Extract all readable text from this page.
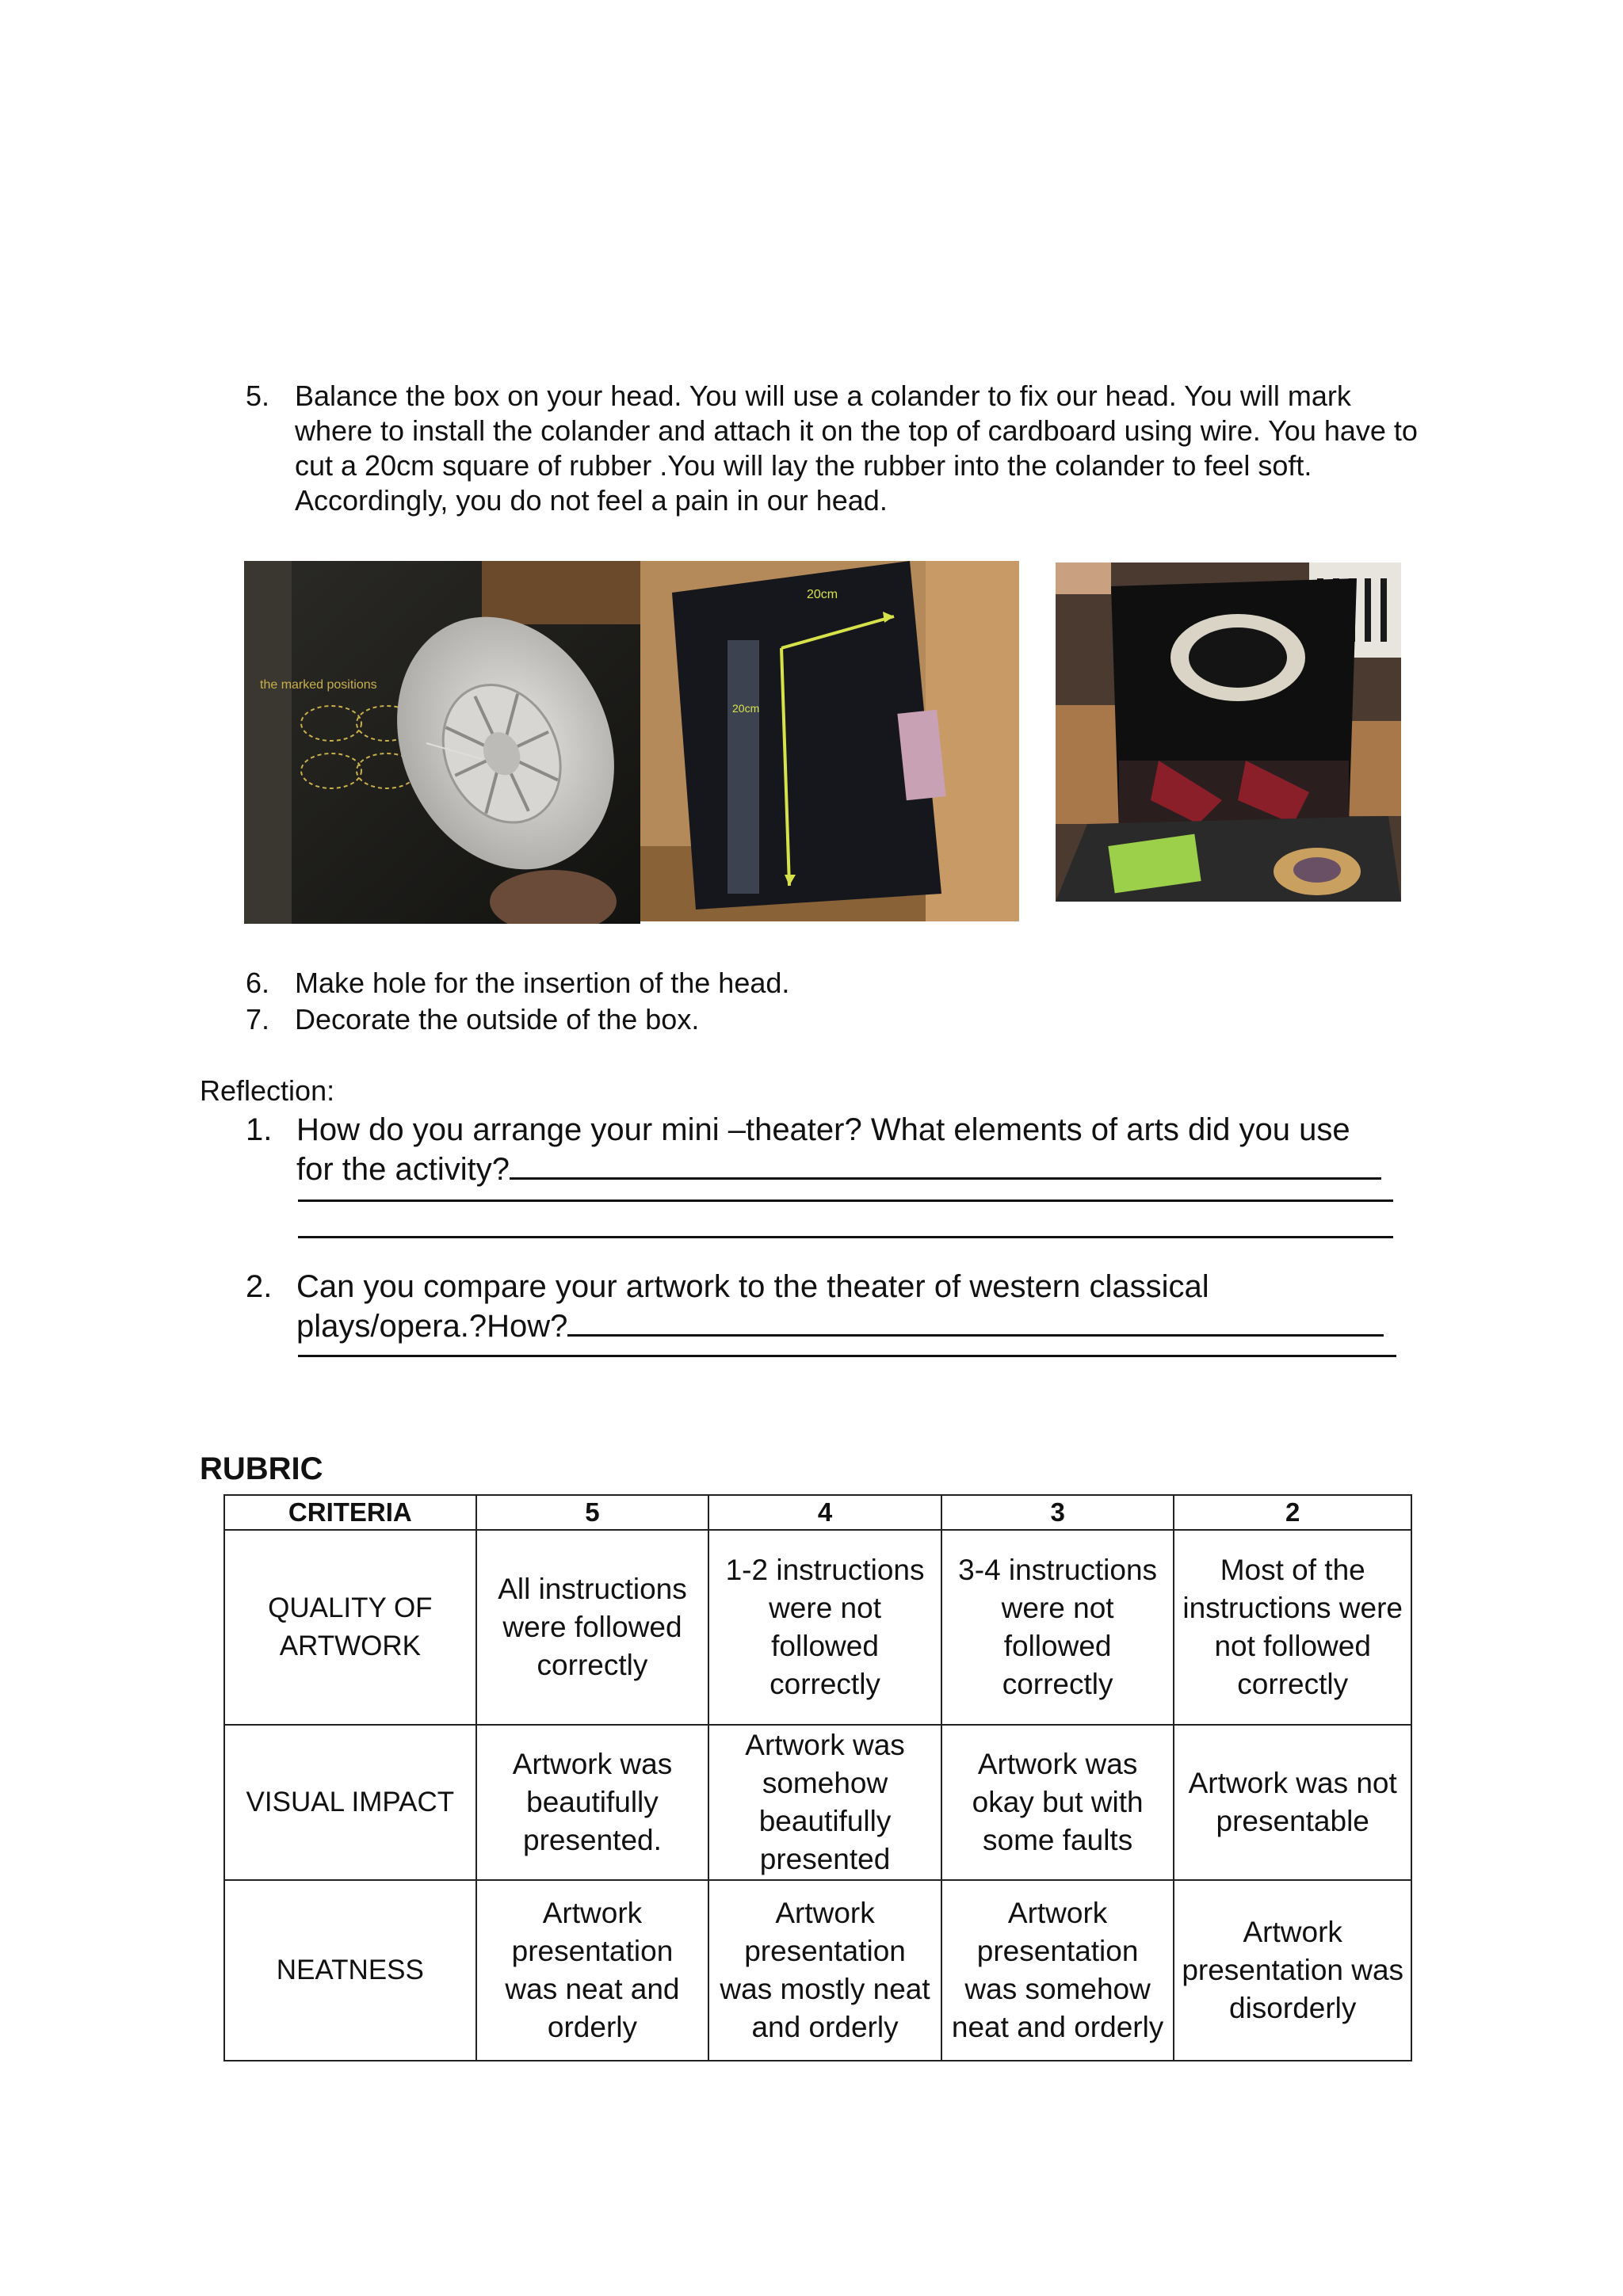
5. Balance the box on your head. You will use a colander to fix our head. You will mark where to install the colander and attach it on the top of cardboard using wire. You have to cut a 20cm square of rubber .You will lay the rubber into the colander to feel soft. Accordingly, you do not feel a pain in our head.
the marked positions
20cm
20cm
6. Make hole for the insertion of the head.
7. Decorate the outside of the box.
Reflection:
1. How do you arrange your mini –theater? What elements of arts did you use
for the activity?
2. Can you compare your artwork to the theater of western classical
plays/opera.?How?
RUBRIC
CRITERIA	5	4	3	2
QUALITY OF ARTWORK	All instructions were followed correctly	1-2 instructions were not followed correctly	3-4 instructions were not followed correctly	Most of the instructions were not followed correctly
VISUAL IMPACT	Artwork was beautifully presented.	Artwork was somehow beautifully presented	Artwork was okay but with some faults	Artwork was not presentable
NEATNESS	Artwork presentation was neat and orderly	Artwork presentation was mostly neat and orderly	Artwork presentation was somehow neat and orderly	Artwork presentation was disorderly
